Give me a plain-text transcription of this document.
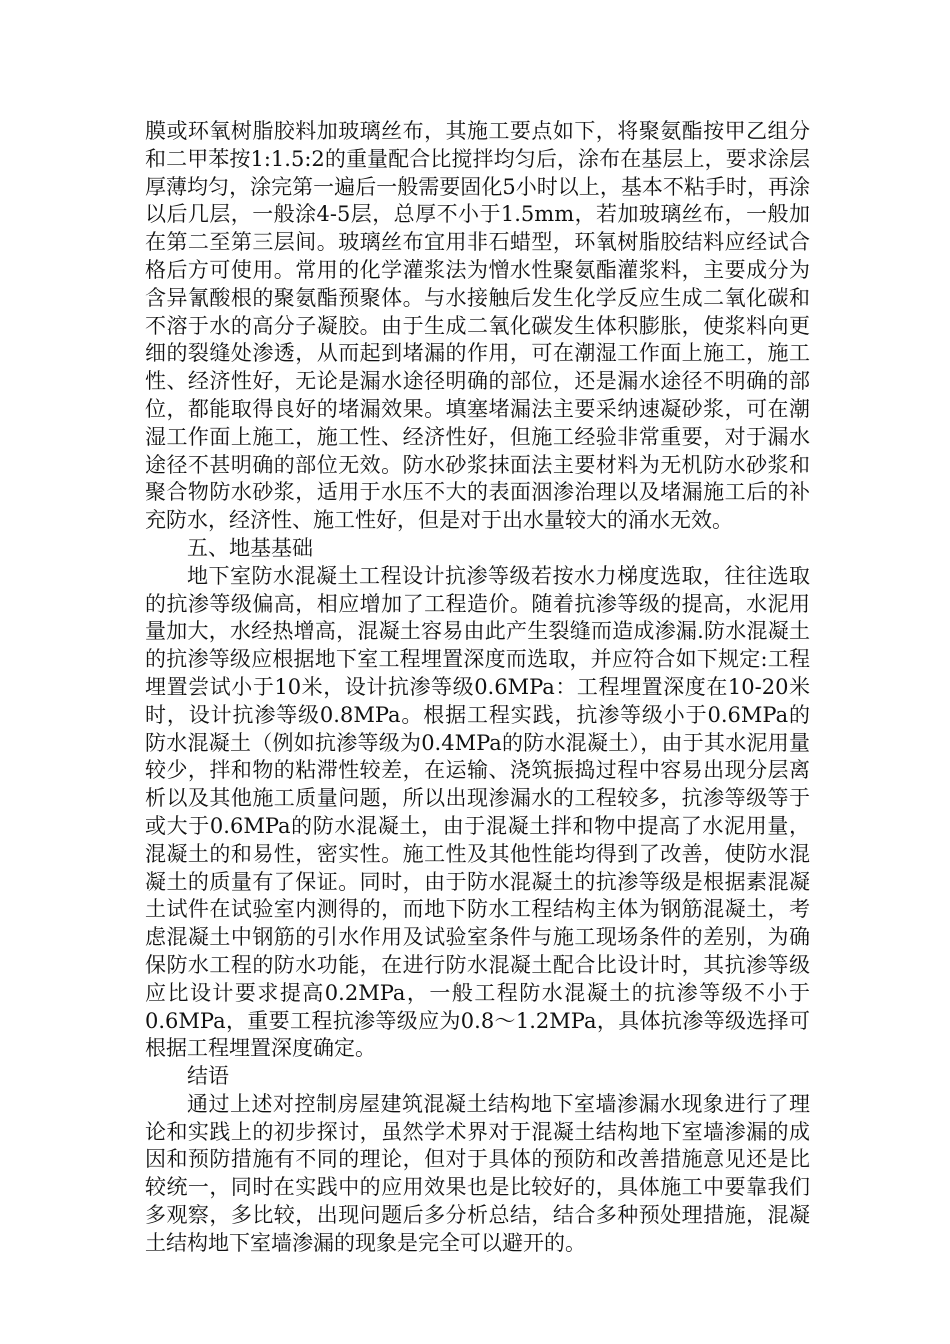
膜或环氧树脂胶料加玻璃丝布，其施工要点如下，将聚氨酯按甲乙组分和二甲苯按1:1.5:2的重量配合比搅拌均匀后，涂布在基层上，要求涂层厚薄均匀，涂完第一遍后一般需要固化5小时以上，基本不粘手时，再涂以后几层，一般涂4-5层，总厚不小于1.5mm，若加玻璃丝布，一般加在第二至第三层间。玻璃丝布宜用非石蜡型，环氧树脂胶结料应经试合格后方可使用。常用的化学灌浆法为憎水性聚氨酯灌浆料，主要成分为含异氰酸根的聚氨酯预聚体。与水接触后发生化学反应生成二氧化碳和不溶于水的高分子凝胶。由于生成二氧化碳发生体积膨胀，使浆料向更细的裂缝处渗透，从而起到堵漏的作用，可在潮湿工作面上施工，施工性、经济性好，无论是漏水途径明确的部位，还是漏水途径不明确的部位，都能取得良好的堵漏效果。填塞堵漏法主要采纳速凝砂浆，可在潮湿工作面上施工，施工性、经济性好，但施工经验非常重要，对于漏水途径不甚明确的部位无效。防水砂浆抹面法主要材料为无机防水砂浆和聚合物防水砂浆，适用于水压不大的表面洇渗治理以及堵漏施工后的补充防水，经济性、施工性好，但是对于出水量较大的涌水无效。

五、地基基础

地下室防水混凝土工程设计抗渗等级若按水力梯度选取，往往选取的抗渗等级偏高，相应增加了工程造价。随着抗渗等级的提高，水泥用量加大，水经热增高，混凝土容易由此产生裂缝而造成渗漏.防水混凝土的抗渗等级应根据地下室工程埋置深度而选取，并应符合如下规定:工程埋置尝试小于10米，设计抗渗等级0.6MPa：工程埋置深度在10-20米时，设计抗渗等级0.8MPa。根据工程实践，抗渗等级小于0.6MPa的防水混凝土（例如抗渗等级为0.4MPa的防水混凝土），由于其水泥用量较少，拌和物的粘滞性较差，在运输、浇筑振捣过程中容易出现分层离析以及其他施工质量问题，所以出现渗漏水的工程较多，抗渗等级等于或大于0.6MPa的防水混凝土，由于混凝土拌和物中提高了水泥用量，混凝土的和易性，密实性。施工性及其他性能均得到了改善，使防水混凝土的质量有了保证。同时，由于防水混凝土的抗渗等级是根据素混凝土试件在试验室内测得的，而地下防水工程结构主体为钢筋混凝土，考虑混凝土中钢筋的引水作用及试验室条件与施工现场条件的差别，为确保防水工程的防水功能，在进行防水混凝土配合比设计时，其抗渗等级应比设计要求提高0.2MPa，一般工程防水混凝土的抗渗等级不小于0.6MPa，重要工程抗渗等级应为0.8～1.2MPa，具体抗渗等级选择可根据工程埋置深度确定。

结语

通过上述对控制房屋建筑混凝土结构地下室墙渗漏水现象进行了理论和实践上的初步探讨，虽然学术界对于混凝土结构地下室墙渗漏的成因和预防措施有不同的理论，但对于具体的预防和改善措施意见还是比较统一，同时在实践中的应用效果也是比较好的，具体施工中要靠我们多观察，多比较，出现问题后多分析总结，结合多种预处理措施，混凝土结构地下室墙渗漏的现象是完全可以避开的。
